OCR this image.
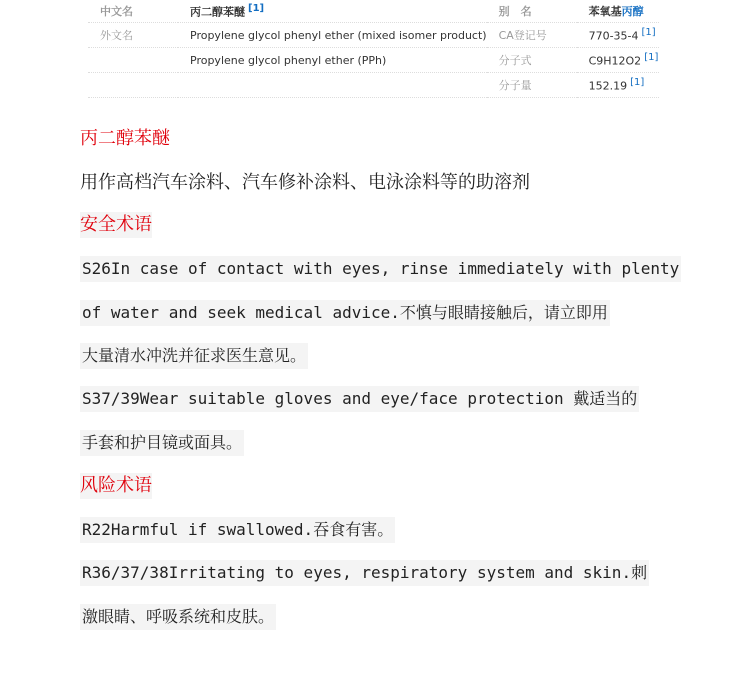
中文名	丙二醇苯醚 [1]	别　名	苯氧基丙醇
外文名	Propylene glycol phenyl ether (mixed isomer product)	CA登记号	770-35-4 [1]
	Propylene glycol phenyl ether (PPh)	分子式	C9H12O2 [1]
		分子量	152.19 [1]
丙二醇苯醚
用作高档汽车涂料、汽车修补涂料、电泳涂料等的助溶剂
安全术语
S26In case of contact with eyes, rinse immediately with plenty
of water and seek medical advice.不慎与眼睛接触后，请立即用
大量清水冲洗并征求医生意见。
S37/39Wear suitable gloves and eye/face protection 戴适当的
手套和护目镜或面具。
风险术语
R22Harmful if swallowed.吞食有害。
R36/37/38Irritating to eyes, respiratory system and skin.刺
激眼睛、呼吸系统和皮肤。
